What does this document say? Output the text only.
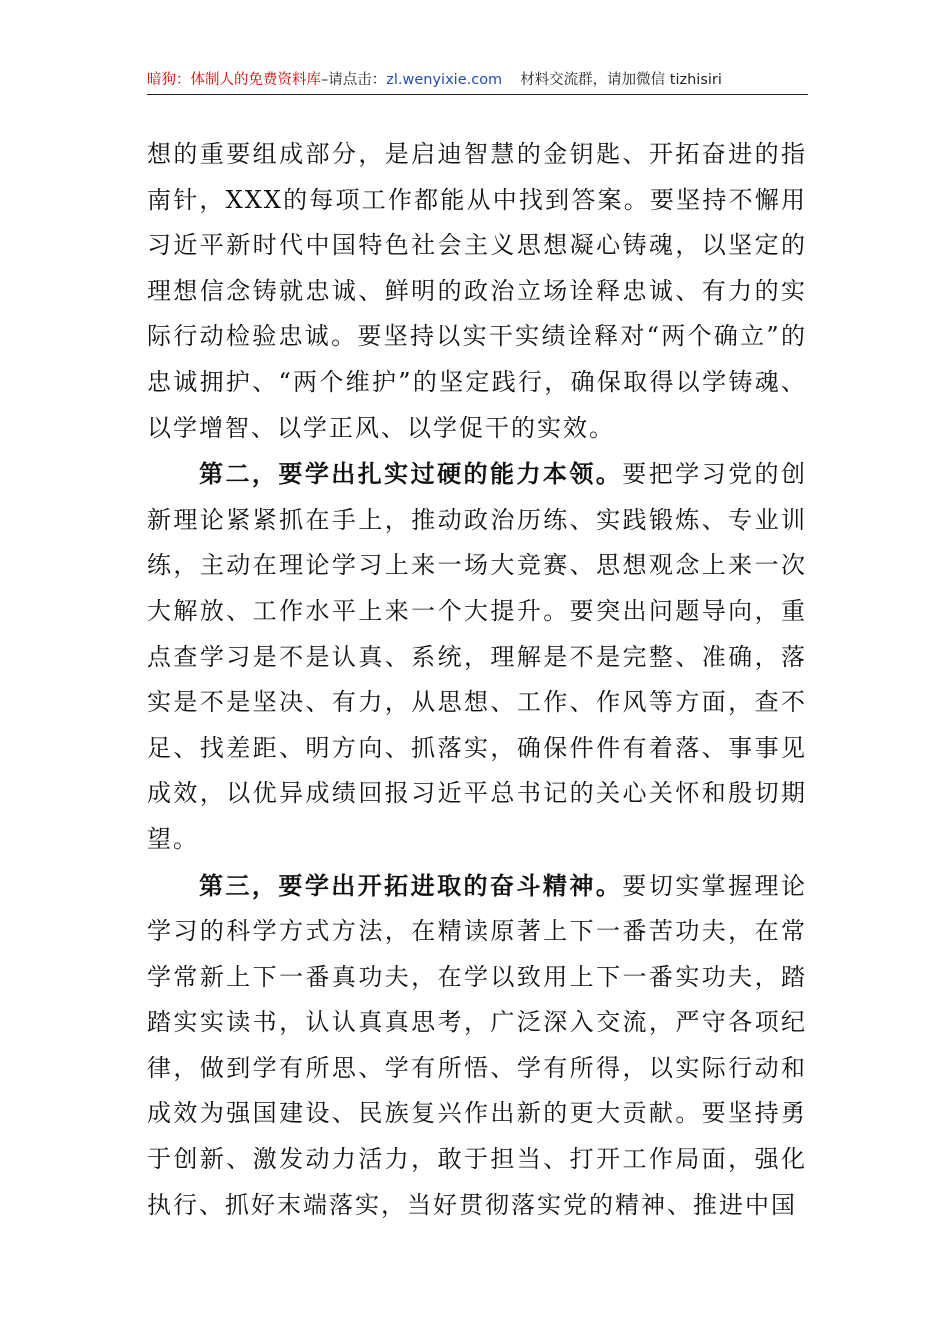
暗狗：体制人的免费资料库–请点击：zl.wenyixie.com 材料交流群，请加微信 tizhisiri

想的重要组成部分，是启迪智慧的金钥匙、开拓奋进的指南针，XXX的每项工作都能从中找到答案。要坚持不懈用习近平新时代中国特色社会主义思想凝心铸魂，以坚定的理想信念铸就忠诚、鲜明的政治立场诠释忠诚、有力的实际行动检验忠诚。要坚持以实干实绩诠释对“两个确立”的忠诚拥护、“两个维护”的坚定践行，确保取得以学铸魂、以学增智、以学正风、以学促干的实效。

第二，要学出扎实过硬的能力本领。要把学习党的创新理论紧紧抓在手上，推动政治历练、实践锻炼、专业训练，主动在理论学习上来一场大竞赛、思想观念上来一次大解放、工作水平上来一个大提升。要突出问题导向，重点查学习是不是认真、系统，理解是不是完整、准确，落实是不是坚决、有力，从思想、工作、作风等方面，查不足、找差距、明方向、抓落实，确保件件有着落、事事见成效，以优异成绩回报习近平总书记的关心关怀和殷切期望。

第三，要学出开拓进取的奋斗精神。要切实掌握理论学习的科学方式方法，在精读原著上下一番苦功夫，在常学常新上下一番真功夫，在学以致用上下一番实功夫，踏踏实实读书，认认真真思考，广泛深入交流，严守各项纪律，做到学有所思、学有所悟、学有所得，以实际行动和成效为强国建设、民族复兴作出新的更大贡献。要坚持勇于创新、激发动力活力，敢于担当、打开工作局面，强化执行、抓好末端落实，当好贯彻落实党的精神、推进中国
